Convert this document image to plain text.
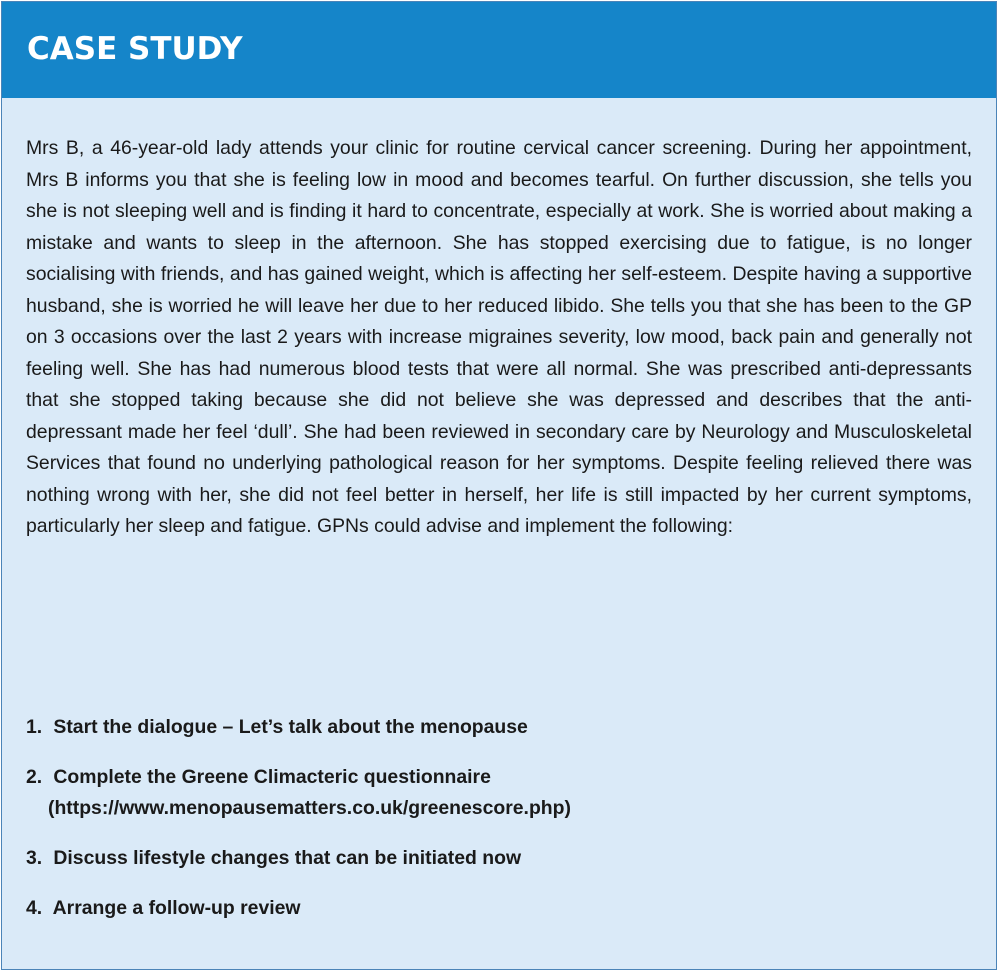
CASE STUDY

Mrs B, a 46-year-old lady attends your clinic for routine cervical cancer screening. During her appointment, Mrs B informs you that she is feeling low in mood and becomes tearful. On further discussion, she tells you she is not sleeping well and is finding it hard to concentrate, especially at work. She is worried about making a mistake and wants to sleep in the afternoon. She has stopped exercising due to fatigue, is no longer socialising with friends, and has gained weight, which is affecting her self-esteem. Despite having a supportive husband, she is worried he will leave her due to her reduced libido. She tells you that she has been to the GP on 3 occasions over the last 2 years with increase migraines severity, low mood, back pain and generally not feeling well. She has had numerous blood tests that were all normal. She was prescribed anti-depressants that she stopped taking because she did not believe she was depressed and describes that the anti-depressant made her feel ‘dull’. She had been reviewed in secondary care by Neurology and Musculoskeletal Services that found no underlying pathological reason for her symptoms. Despite feeling relieved there was nothing wrong with her, she did not feel better in herself, her life is still impacted by her current symptoms, particularly her sleep and fatigue. GPNs could advise and implement the following:

1. Start the dialogue – Let’s talk about the menopause
2. Complete the Greene Climacteric questionnaire
(https://www.menopausematters.co.uk/greenescore.php)
3. Discuss lifestyle changes that can be initiated now
4. Arrange a follow-up review
